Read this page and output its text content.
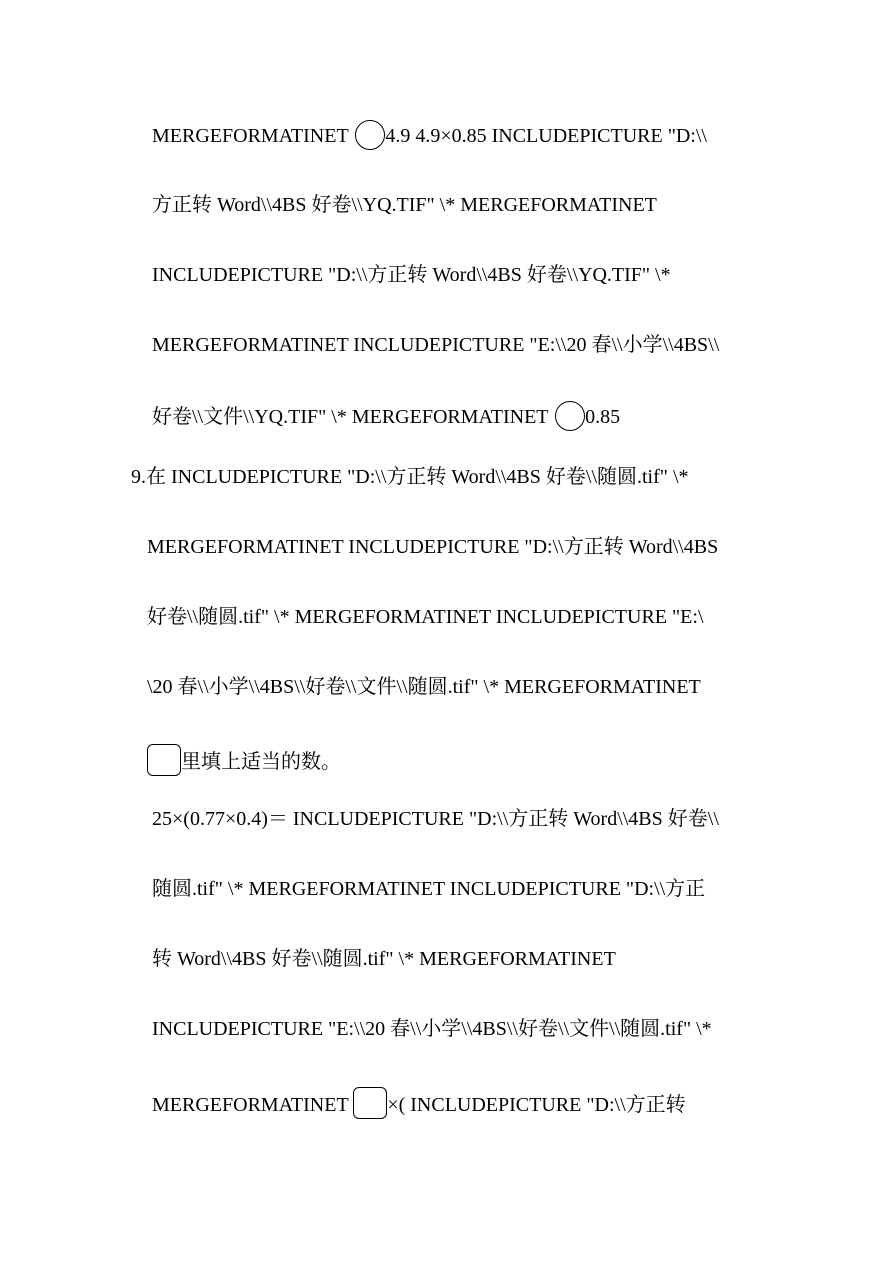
MERGEFORMATINET 4.9 4.9×0.85 INCLUDEPICTURE "D:\\
方正转 Word\\4BS 好卷\\YQ.TIF" \* MERGEFORMATINET
INCLUDEPICTURE "D:\\方正转 Word\\4BS 好卷\\YQ.TIF" \*
MERGEFORMATINET INCLUDEPICTURE "E:\\20 春\\小学\\4BS\\
好卷\\文件\\YQ.TIF" \* MERGEFORMATINET 0.85
9.在 INCLUDEPICTURE "D:\\方正转 Word\\4BS 好卷\\随圆.tif" \*
MERGEFORMATINET INCLUDEPICTURE "D:\\方正转 Word\\4BS
好卷\\随圆.tif" \* MERGEFORMATINET INCLUDEPICTURE "E:\
\20 春\\小学\\4BS\\好卷\\文件\\随圆.tif" \* MERGEFORMATINET
里填上适当的数。
25×(0.77×0.4)＝ INCLUDEPICTURE "D:\\方正转 Word\\4BS 好卷\\
随圆.tif" \* MERGEFORMATINET INCLUDEPICTURE "D:\\方正
转 Word\\4BS 好卷\\随圆.tif" \* MERGEFORMATINET
INCLUDEPICTURE "E:\\20 春\\小学\\4BS\\好卷\\文件\\随圆.tif" \*
MERGEFORMATINET ×( INCLUDEPICTURE "D:\\方正转
